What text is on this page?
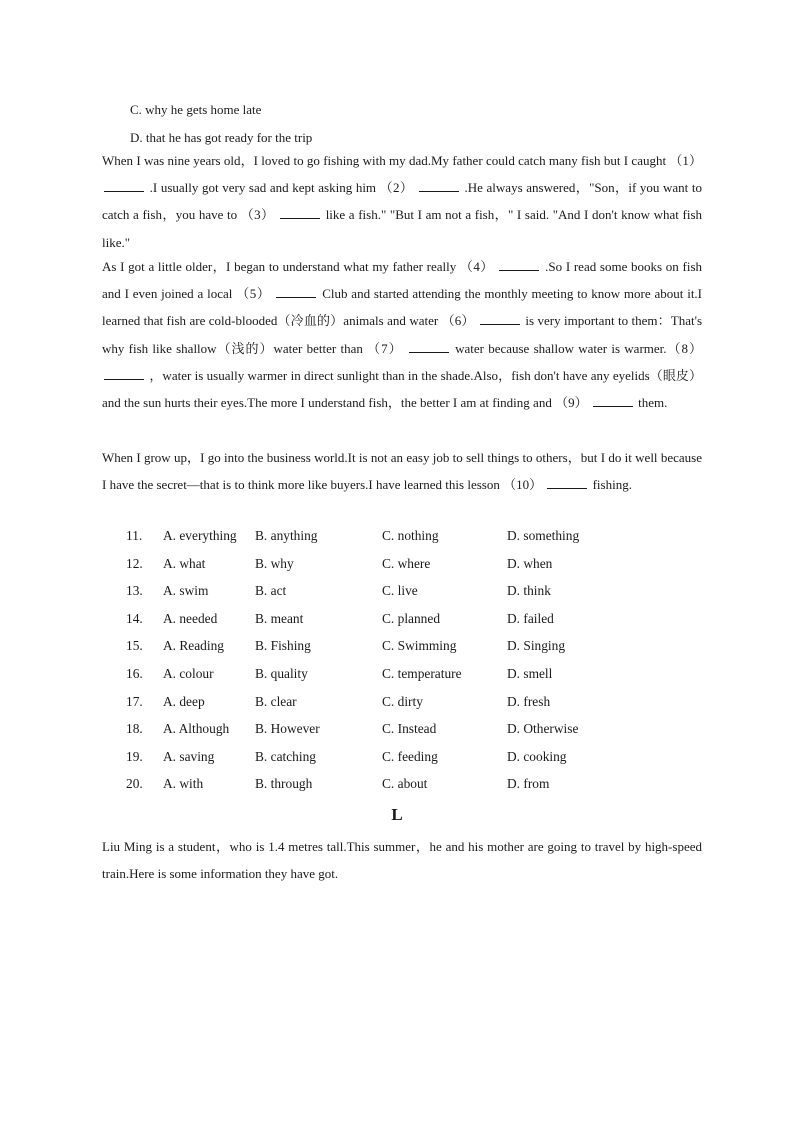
C. why he gets home late
D. that he has got ready for the trip

When I was nine years old，I loved to go fishing with my dad.My father could catch many fish but I caught （1）  .I usually got very sad and kept asking him （2）	.He always answered，"Son，if you want to catch a fish，you have to （3）	like a fish." "But I am not a fish，" I said. "And I don't know what fish like."

As I got a little older，I began to understand what my father really （4）	.So I read some books on fish and I even joined a local （5）	Club and started attending the monthly meeting to know more about it.I learned that fish are cold-blooded（冷血的）animals and water （6）	is very important to them：That's why fish like shallow（浅的）water better than （7）	water because shallow water is warmer.（8）  ，water is usually warmer in direct sunlight than in the shade.Also，fish don't have any eyelids（眼皮）and the sun hurts their eyes.The more I understand fish，the better I am at finding and （9）	them.

When I grow up，I go into the business world.It is not an easy job to sell things to others，but I do it well because I have the secret—that is to think more like buyers.I have learned this lesson （10）	fishing.

11. A. everything B. anything	C. nothing	D. something
12. A. what	B. why	C. where	D. when
13. A. swim	B. act	C. live	D. think
14. A. needed	B. meant	C. planned	D. failed
15. A. Reading B. Fishing	C. Swimming	D. Singing
16. A. colour	B. quality	C. temperature	D. smell
17. A. deep	B. clear	C. dirty	D. fresh
18. A. Although B. However	C. Instead	D. Otherwise
19. A. saving	B. catching	C. feeding	D. cooking
20. A. with	B. through	C. about	D. from
L

Liu Ming is a student，who is 1.4 metres tall.This summer，he and his mother are going to travel by high-speed train.Here is some information they have got.
